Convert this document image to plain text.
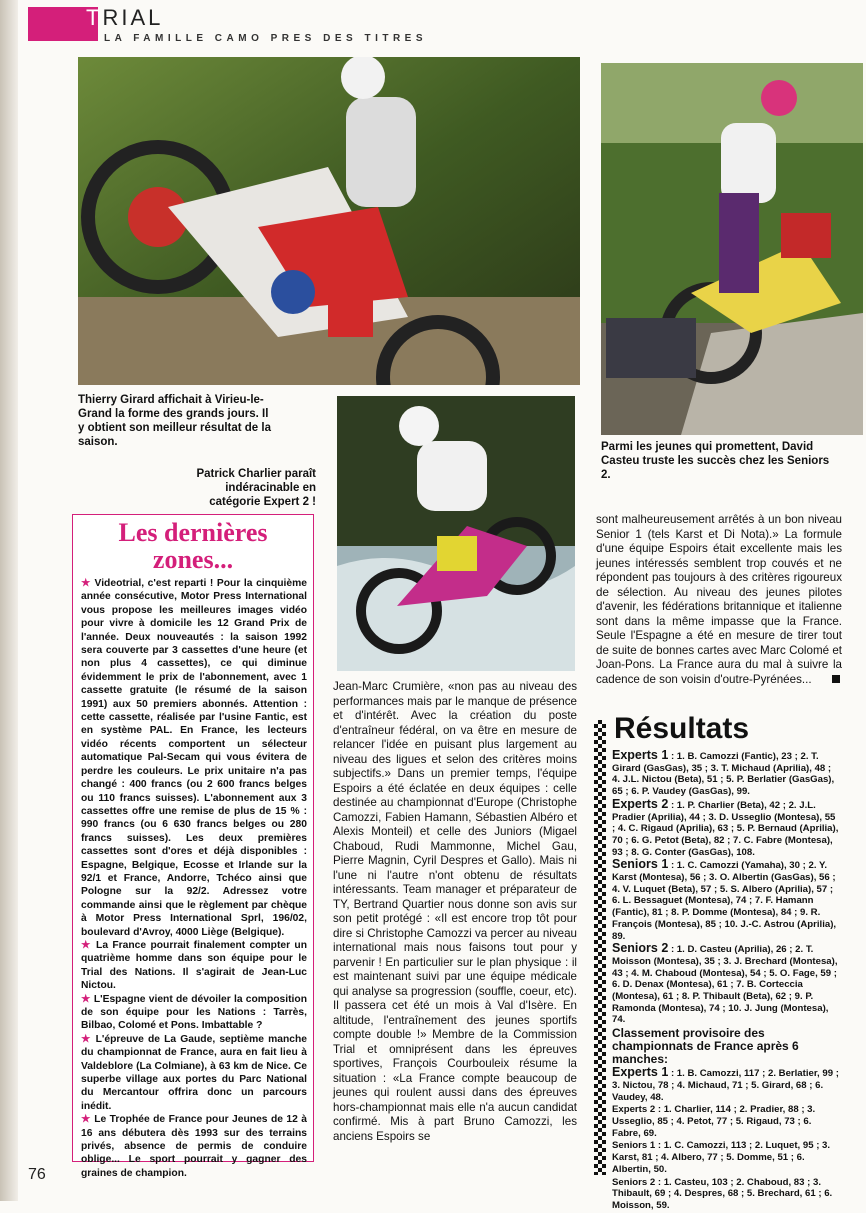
TRIAL
LA FAMILLE CAMO PRES DES TITRES
Thierry Girard affichait à Virieu-le-Grand la forme des grands jours. Il y obtient son meilleur résultat de la saison.	Parmi les jeunes qui promettent, David Casteu truste les succès chez les Seniors 2.
Patrick Charlier paraît indéracinable en catégorie Expert 2 !
Les dernières
zones...

★ Videotrial, c'est reparti ! Pour la cinquième année consécutive, Motor Press International vous propose les meilleures images vidéo pour vivre à domicile les 12 Grand Prix de l'année. Deux nouveautés : la saison 1992 sera couverte par 3 cassettes d'une heure (et non plus 4 cassettes), ce qui diminue évidemment le prix de l'abonnement, avec 1 cassette gratuite (le résumé de la saison 1991) aux 50 premiers abonnés. Attention : cette cassette, réalisée par l'usine Fantic, est en système PAL. En France, les lecteurs vidéo récents comportent un sélecteur automatique Pal-Secam qui vous évitera de perdre les couleurs. Le prix unitaire n'a pas changé : 400 francs (ou 2 600 francs belges ou 110 francs suisses). L'abonnement aux 3 cassettes offre une remise de plus de 15 % : 990 francs (ou 6 630 francs belges ou 280 francs suisses). Les deux premières cassettes sont d'ores et déjà disponibles : Espagne, Belgique, Ecosse et Irlande sur la 92/1 et France, Andorre, Tchéco ainsi que Pologne sur la 92/2. Adressez votre commande ainsi que le règlement par chèque à Motor Press International Sprl, 196/02, boulevard d'Avroy, 4000 Liège (Belgique).

★ La France pourrait finalement compter un quatrième homme dans son équipe pour le Trial des Nations. Il s'agirait de Jean-Luc Nictou.

★ L'Espagne vient de dévoiler la composition de son équipe pour les Nations : Tarrès, Bilbao, Colomé et Pons. Imbattable ?

★ L'épreuve de La Gaude, septième manche du championnat de France, aura en fait lieu à Valdeblore (La Colmiane), à 63 km de Nice. Ce superbe village aux portes du Parc National du Mercantour offrira donc un parcours inédit.

★ Le Trophée de France pour Jeunes de 12 à 16 ans débutera dès 1993 sur des terrains privés, absence de permis de conduire oblige... Le sport pourrait y gagner des graines de champion.

Jean-Marc Crumière, «non pas au niveau des performances mais par le manque de présence et d'intérêt. Avec la création du poste d'entraîneur fédéral, on va être en mesure de relancer l'idée en puisant plus largement au niveau des ligues et selon des critères moins subjectifs.» Dans un premier temps, l'équipe Espoirs a été éclatée en deux équipes : celle destinée au championnat d'Europe (Christophe Camozzi, Fabien Hamann, Sébastien Albéro et Alexis Monteil) et celle des Juniors (Migael Chaboud, Rudi Mammonne, Michel Gau, Pierre Magnin, Cyril Despres et Gallo). Mais ni l'une ni l'autre n'ont obtenu de résultats intéressants. Team manager et préparateur de TY, Bertrand Quartier nous donne son avis sur son petit protégé : «Il est encore trop tôt pour dire si Christophe Camozzi va percer au niveau international mais nous faisons tout pour y parvenir ! En particulier sur le plan physique : il est maintenant suivi par une équipe médicale qui analyse sa progression (souffle, coeur, etc). Il passera cet été un mois à Val d'Isère. En altitude, l'entraînement des jeunes sportifs compte double !» Membre de la Commission Trial et omniprésent dans les épreuves sportives, François Courbouleix résume la situation : «La France compte beaucoup de jeunes qui roulent aussi dans des épreuves hors-championnat mais elle n'a aucun candidat confirmé. Mis à part Bruno Camozzi, les anciens Espoirs se

sont malheureusement arrêtés à un bon niveau Senior 1 (tels Karst et Di Nota).» La formule d'une équipe Espoirs était excellente mais les jeunes intéressés semblent trop couvés et ne répondent pas toujours à des critères rigoureux de sélection. Au niveau des jeunes pilotes d'avenir, les fédérations britannique et italienne sont dans la même impasse que la France. Seule l'Espagne a été en mesure de tirer tout de suite de bonnes cartes avec Marc Colomé et Joan-Pons. La France aura du mal à suivre la cadence de son voisin d'outre-Pyrénées...

Résultats

Experts 1 : 1. B. Camozzi (Fantic), 23 ; 2. T. Girard (GasGas), 35 ; 3. T. Michaud (Aprilia), 48 ; 4. J.L. Nictou (Beta), 51 ; 5. P. Berlatier (GasGas), 65 ; 6. P. Vaudey (GasGas), 99.

Experts 2 : 1. P. Charlier (Beta), 42 ; 2. J.L. Pradier (Aprilia), 44 ; 3. D. Usseglio (Montesa), 55 ; 4. C. Rigaud (Aprilia), 63 ; 5. P. Bernaud (Aprilia), 70 ; 6. G. Petot (Beta), 82 ; 7. C. Fabre (Montesa), 93 ; 8. G. Conter (GasGas), 108.

Seniors 1 : 1. C. Camozzi (Yamaha), 30 ; 2. Y. Karst (Montesa), 56 ; 3. O. Albertin (GasGas), 56 ; 4. V. Luquet (Beta), 57 ; 5. S. Albero (Aprilia), 57 ; 6. L. Bessaguet (Montesa), 74 ; 7. F. Hamann (Fantic), 81 ; 8. P. Domme (Montesa), 84 ; 9. R. François (Montesa), 85 ; 10. J.-C. Astrou (Aprilia), 89.

Seniors 2 : 1. D. Casteu (Aprilia), 26 ; 2. T. Moisson (Montesa), 35 ; 3. J. Brechard (Montesa), 43 ; 4. M. Chaboud (Montesa), 54 ; 5. O. Fage, 59 ; 6. D. Denax (Montesa), 61 ; 7. B. Corteccia (Montesa), 61 ; 8. P. Thibault (Beta), 62 ; 9. P. Ramonda (Montesa), 74 ; 10. J. Jung (Montesa), 74.

Classement provisoire des championnats de France après 6 manches:

Experts 1 : 1. B. Camozzi, 117 ; 2. Berlatier, 99 ; 3. Nictou, 78 ; 4. Michaud, 71 ; 5. Girard, 68 ; 6. Vaudey, 48.

Experts 2 : 1. Charlier, 114 ; 2. Pradier, 88 ; 3. Usseglio, 85 ; 4. Petot, 77 ; 5. Rigaud, 73 ; 6. Fabre, 69.

Seniors 1 : 1. C. Camozzi, 113 ; 2. Luquet, 95 ; 3. Karst, 81 ; 4. Albero, 77 ; 5. Domme, 51 ; 6. Albertin, 50.

Seniors 2 : 1. Casteu, 103 ; 2. Chaboud, 83 ; 3. Thibault, 69 ; 4. Despres, 68 ; 5. Brechard, 61 ; 6. Moisson, 59.

76
